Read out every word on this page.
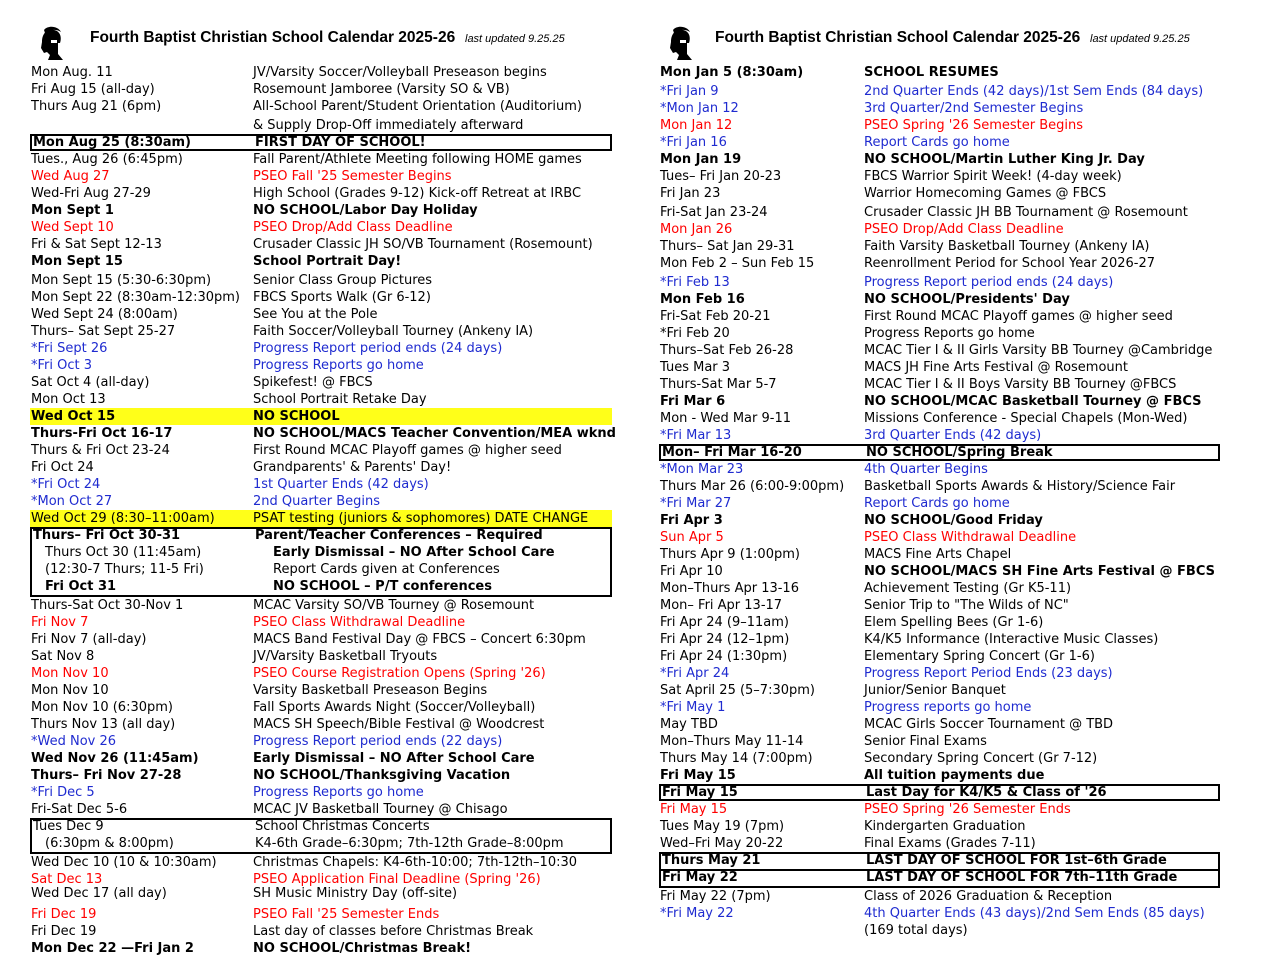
Fourth Baptist Christian School Calendar 2025-26 last updated 9.25.25
Mon Aug. 11	JV/Varsity Soccer/Volleyball Preseason begins
Fri Aug 15 (all-day)	Rosemount Jamboree (Varsity SO & VB)
Thurs Aug 21 (6pm)	All-School Parent/Student Orientation (Auditorium)
& Supply Drop-Off immediately afterward
Mon Aug 25 (8:30am)	FIRST DAY OF SCHOOL!
Tues., Aug 26 (6:45pm)	Fall Parent/Athlete Meeting following HOME games
Wed Aug 27	PSEO Fall '25 Semester Begins
Wed-Fri Aug 27-29	High School (Grades 9-12) Kick-off Retreat at IRBC
Mon Sept 1	NO SCHOOL/Labor Day Holiday
Wed Sept 10	PSEO Drop/Add Class Deadline
Fri & Sat Sept 12-13	Crusader Classic JH SO/VB Tournament (Rosemount)
Mon Sept 15	School Portrait Day!
Mon Sept 15 (5:30-6:30pm)	Senior Class Group Pictures
Mon Sept 22 (8:30am-12:30pm) FBCS Sports Walk (Gr 6-12)
Wed Sept 24 (8:00am)	See You at the Pole
Thurs– Sat Sept 25-27	Faith Soccer/Volleyball Tourney (Ankeny IA)
*Fri Sept 26	Progress Report period ends (24 days)
*Fri Oct 3	Progress Reports go home
Sat Oct 4 (all-day)	Spikefest! @ FBCS
Mon Oct 13	School Portrait Retake Day
Wed Oct 15	NO SCHOOL
Thurs-Fri Oct 16-17	NO SCHOOL/MACS Teacher Convention/MEA wknd
Thurs & Fri Oct 23-24	First Round MCAC Playoff games @ higher seed
Fri Oct 24	Grandparents' & Parents' Day!
*Fri Oct 24	1st Quarter Ends (42 days)
*Mon Oct 27	2nd Quarter Begins
Wed Oct 29 (8:30–11:00am)	PSAT testing (juniors & sophomores) DATE CHANGE
Thurs– Fri Oct 30-31	Parent/Teacher Conferences – Required
Thurs Oct 30 (11:45am)	Early Dismissal – NO After School Care
(12:30-7 Thurs; 11-5 Fri)	Report Cards given at Conferences
Fri Oct 31	NO SCHOOL – P/T conferences
Thurs-Sat Oct 30-Nov 1	MCAC Varsity SO/VB Tourney @ Rosemount
Fri Nov 7	PSEO Class Withdrawal Deadline
Fri Nov 7 (all-day)	MACS Band Festival Day @ FBCS – Concert 6:30pm
Sat Nov 8	JV/Varsity Basketball Tryouts
Mon Nov 10	PSEO Course Registration Opens (Spring '26)
Mon Nov 10	Varsity Basketball Preseason Begins
Mon Nov 10 (6:30pm)	Fall Sports Awards Night (Soccer/Volleyball)
Thurs Nov 13 (all day)	MACS SH Speech/Bible Festival @ Woodcrest
*Wed Nov 26	Progress Report period ends (22 days)
Wed Nov 26 (11:45am)	Early Dismissal – NO After School Care
Thurs– Fri Nov 27-28	NO SCHOOL/Thanksgiving Vacation
*Fri Dec 5	Progress Reports go home
Fri-Sat Dec 5-6	MCAC JV Basketball Tourney @ Chisago
Tues Dec 9	School Christmas Concerts
(6:30pm & 8:00pm)	K4-6th Grade–6:30pm; 7th-12th Grade–8:00pm
Wed Dec 10 (10 & 10:30am)	Christmas Chapels: K4-6th-10:00; 7th-12th–10:30
Sat Dec 13	PSEO Application Final Deadline (Spring '26)
Wed Dec 17 (all day)	SH Music Ministry Day (off-site)
Fri Dec 19	PSEO Fall '25 Semester Ends
Fri Dec 19	Last day of classes before Christmas Break
Mon Dec 22 —Fri Jan 2	NO SCHOOL/Christmas Break!
Fourth Baptist Christian School Calendar 2025-26 last updated 9.25.25
Mon Jan 5 (8:30am)	SCHOOL RESUMES
*Fri Jan 9	2nd Quarter Ends (42 days)/1st Sem Ends (84 days)
*Mon Jan 12	3rd Quarter/2nd Semester Begins
Mon Jan 12	PSEO Spring '26 Semester Begins
*Fri Jan 16	Report Cards go home
Mon Jan 19	NO SCHOOL/Martin Luther King Jr. Day
Tues– Fri Jan 20-23	FBCS Warrior Spirit Week! (4-day week)
Fri Jan 23	Warrior Homecoming Games @ FBCS
Fri-Sat Jan 23-24	Crusader Classic JH BB Tournament @ Rosemount
Mon Jan 26	PSEO Drop/Add Class Deadline
Thurs– Sat Jan 29-31	Faith Varsity Basketball Tourney (Ankeny IA)
Mon Feb 2 – Sun Feb 15	Reenrollment Period for School Year 2026-27
*Fri Feb 13	Progress Report period ends (24 days)
Mon Feb 16	NO SCHOOL/Presidents' Day
Fri-Sat Feb 20-21	First Round MCAC Playoff games @ higher seed
*Fri Feb 20	Progress Reports go home
Thurs–Sat Feb 26-28	MCAC Tier I & II Girls Varsity BB Tourney @Cambridge
Tues Mar 3	MACS JH Fine Arts Festival @ Rosemount
Thurs-Sat Mar 5-7	MCAC Tier I & II Boys Varsity BB Tourney @FBCS
Fri Mar 6	NO SCHOOL/MCAC Basketball Tourney @ FBCS
Mon - Wed Mar 9-11	Missions Conference - Special Chapels (Mon-Wed)
*Fri Mar 13	3rd Quarter Ends (42 days)
Mon– Fri Mar 16-20	NO SCHOOL/Spring Break
*Mon Mar 23	4th Quarter Begins
Thurs Mar 26 (6:00-9:00pm) Basketball Sports Awards & History/Science Fair
*Fri Mar 27	Report Cards go home
Fri Apr 3	NO SCHOOL/Good Friday
Sun Apr 5	PSEO Class Withdrawal Deadline
Thurs Apr 9 (1:00pm)	MACS Fine Arts Chapel
Fri Apr 10	NO SCHOOL/MACS SH Fine Arts Festival @ FBCS
Mon–Thurs Apr 13-16	Achievement Testing (Gr K5-11)
Mon– Fri Apr 13-17	Senior Trip to "The Wilds of NC"
Fri Apr 24 (9–11am)	Elem Spelling Bees (Gr 1-6)
Fri Apr 24 (12–1pm)	K4/K5 Informance (Interactive Music Classes)
Fri Apr 24 (1:30pm)	Elementary Spring Concert (Gr 1-6)
*Fri Apr 24	Progress Report Period Ends (23 days)
Sat April 25 (5–7:30pm)	Junior/Senior Banquet
*Fri May 1	Progress reports go home
May TBD	MCAC Girls Soccer Tournament @ TBD
Mon–Thurs May 11-14	Senior Final Exams
Thurs May 14 (7:00pm)	Secondary Spring Concert (Gr 7-12)
Fri May 15	All tuition payments due
Fri May 15	Last Day for K4/K5 & Class of '26
Fri May 15	PSEO Spring '26 Semester Ends
Tues May 19 (7pm)	Kindergarten Graduation
Wed–Fri May 20-22	Final Exams (Grades 7-11)
Thurs May 21	LAST DAY OF SCHOOL FOR 1st–6th Grade
Fri May 22	LAST DAY OF SCHOOL FOR 7th–11th Grade
Fri May 22 (7pm)	Class of 2026 Graduation & Reception
*Fri May 22	4th Quarter Ends (43 days)/2nd Sem Ends (85 days)
(169 total days)
